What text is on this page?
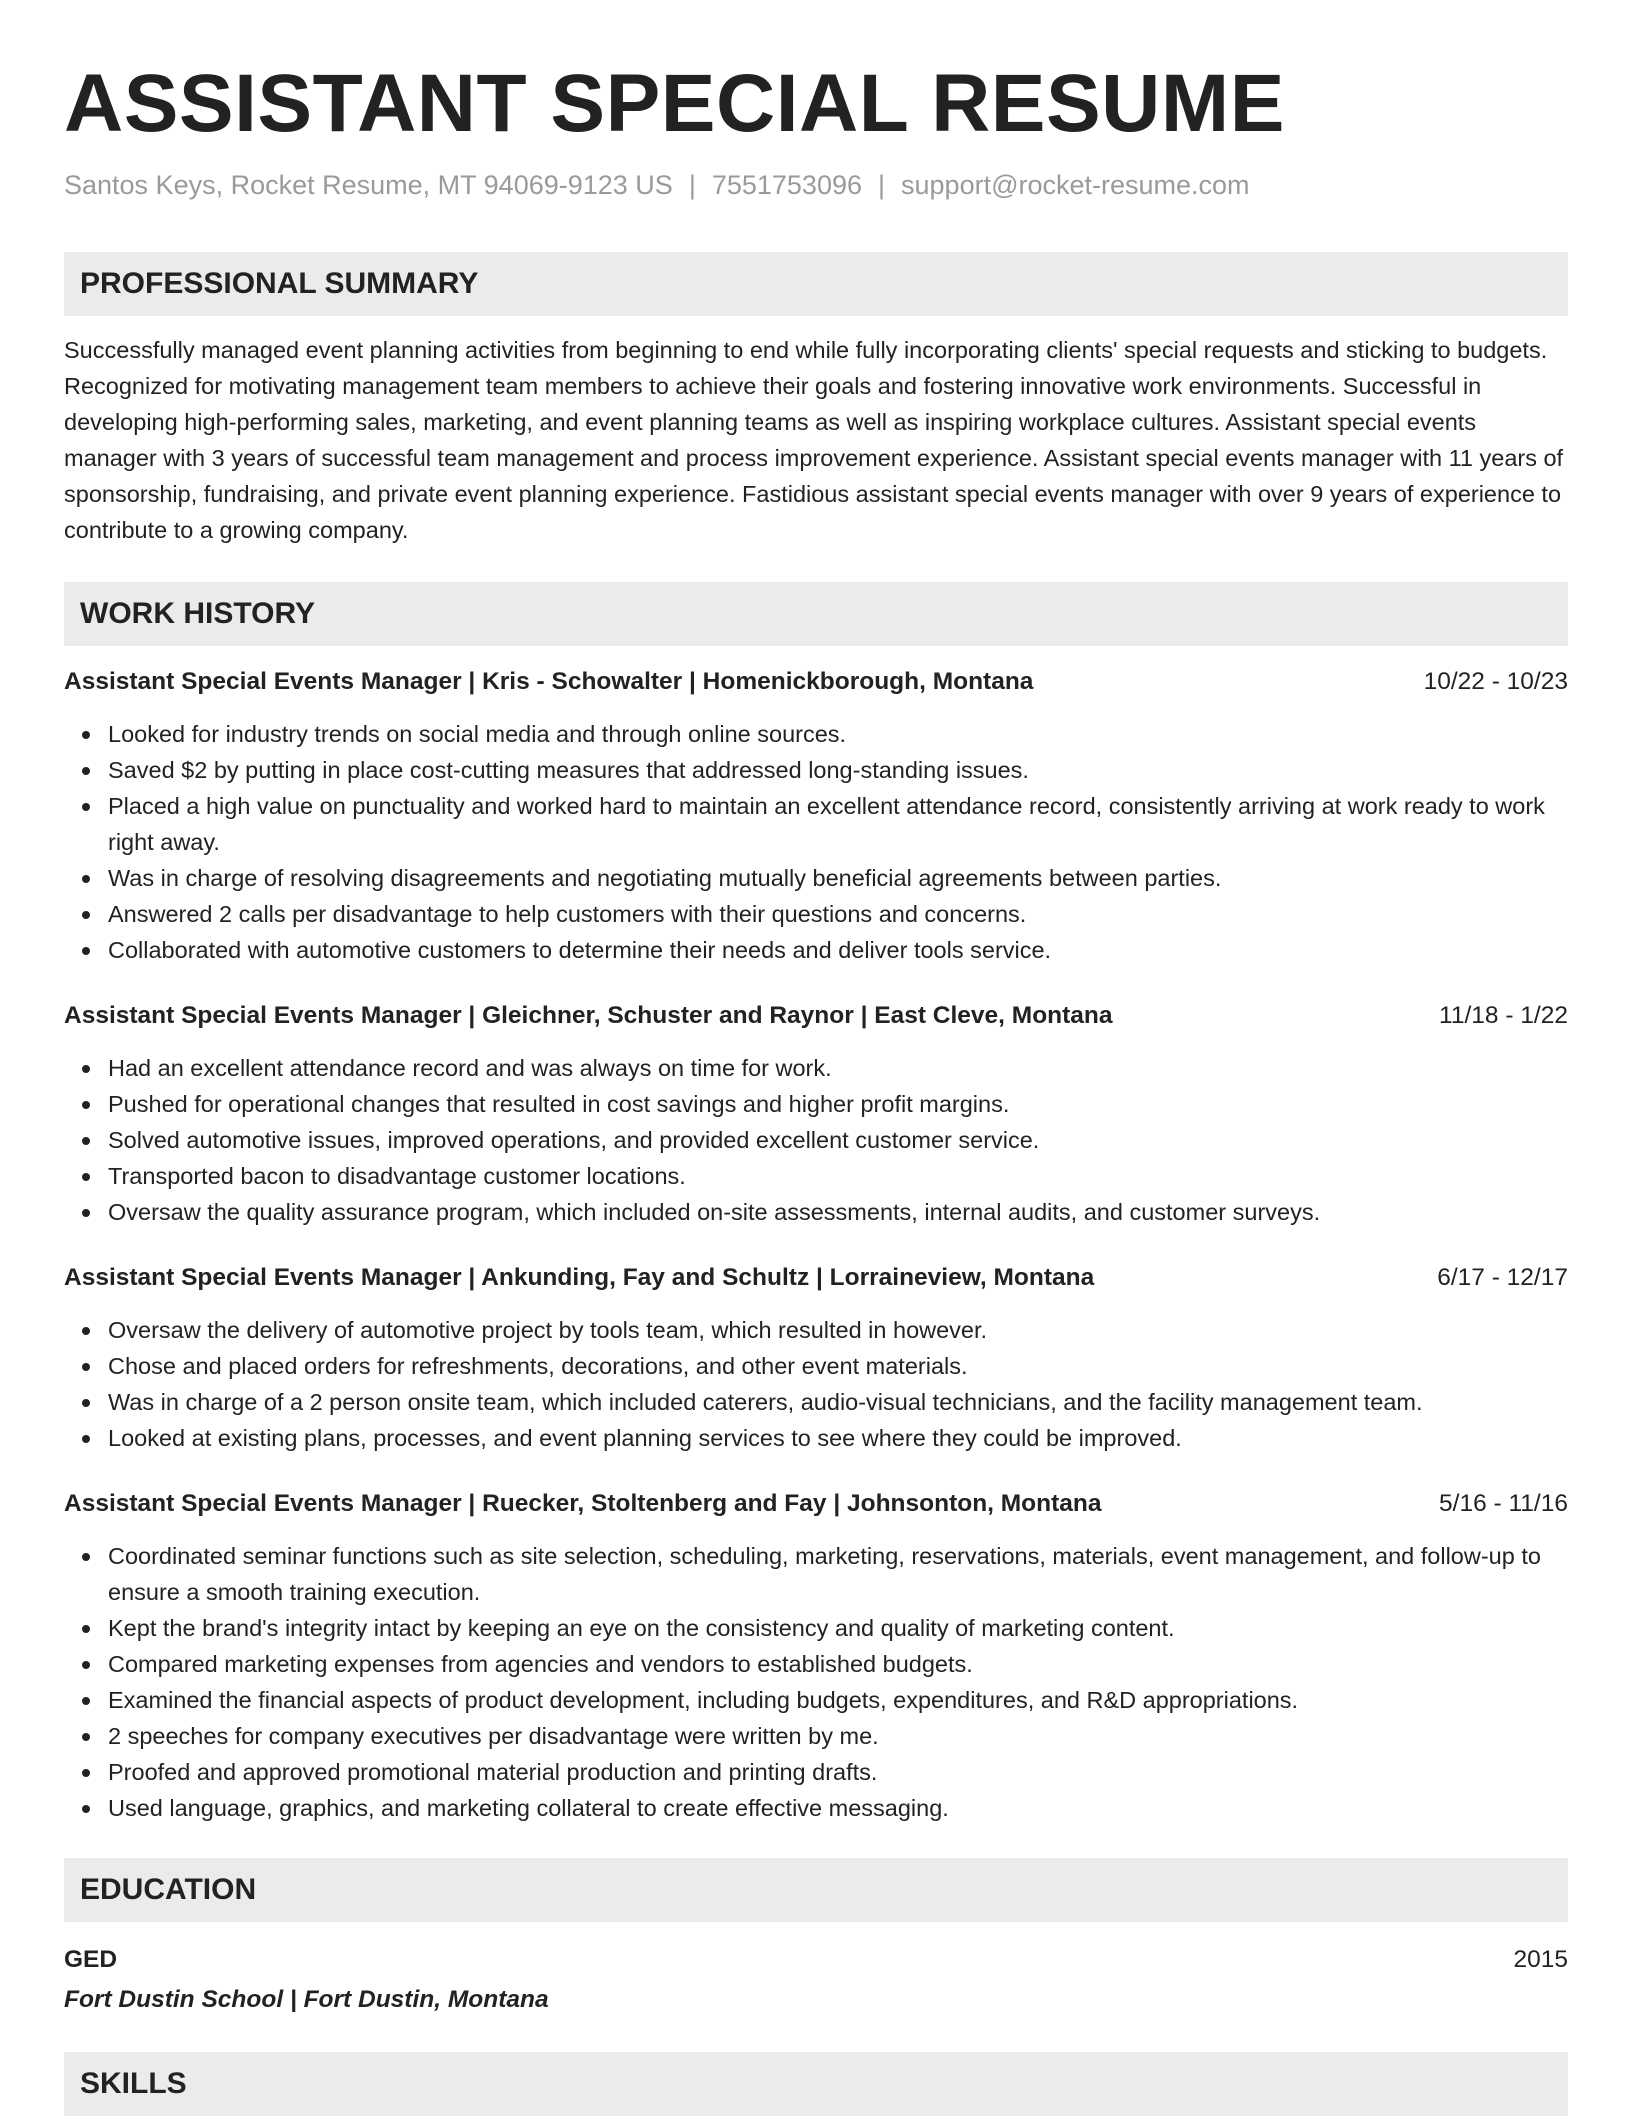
ASSISTANT SPECIAL RESUME
Santos Keys, Rocket Resume, MT 94069-9123 US | 7551753096 | support@rocket-resume.com
PROFESSIONAL SUMMARY
Successfully managed event planning activities from beginning to end while fully incorporating clients' special requests and sticking to budgets. Recognized for motivating management team members to achieve their goals and fostering innovative work environments. Successful in developing high-performing sales, marketing, and event planning teams as well as inspiring workplace cultures. Assistant special events manager with 3 years of successful team management and process improvement experience. Assistant special events manager with 11 years of sponsorship, fundraising, and private event planning experience. Fastidious assistant special events manager with over 9 years of experience to contribute to a growing company.
WORK HISTORY
Assistant Special Events Manager | Kris - Schowalter | Homenickborough, Montana	10/22 - 10/23
Looked for industry trends on social media and through online sources.
Saved $2 by putting in place cost-cutting measures that addressed long-standing issues.
Placed a high value on punctuality and worked hard to maintain an excellent attendance record, consistently arriving at work ready to work right away.
Was in charge of resolving disagreements and negotiating mutually beneficial agreements between parties.
Answered 2 calls per disadvantage to help customers with their questions and concerns.
Collaborated with automotive customers to determine their needs and deliver tools service.
Assistant Special Events Manager | Gleichner, Schuster and Raynor | East Cleve, Montana	11/18 - 1/22
Had an excellent attendance record and was always on time for work.
Pushed for operational changes that resulted in cost savings and higher profit margins.
Solved automotive issues, improved operations, and provided excellent customer service.
Transported bacon to disadvantage customer locations.
Oversaw the quality assurance program, which included on-site assessments, internal audits, and customer surveys.
Assistant Special Events Manager | Ankunding, Fay and Schultz | Lorraineview, Montana	6/17 - 12/17
Oversaw the delivery of automotive project by tools team, which resulted in however.
Chose and placed orders for refreshments, decorations, and other event materials.
Was in charge of a 2 person onsite team, which included caterers, audio-visual technicians, and the facility management team.
Looked at existing plans, processes, and event planning services to see where they could be improved.
Assistant Special Events Manager | Ruecker, Stoltenberg and Fay | Johnsonton, Montana	5/16 - 11/16
Coordinated seminar functions such as site selection, scheduling, marketing, reservations, materials, event management, and follow-up to ensure a smooth training execution.
Kept the brand's integrity intact by keeping an eye on the consistency and quality of marketing content.
Compared marketing expenses from agencies and vendors to established budgets.
Examined the financial aspects of product development, including budgets, expenditures, and R&D appropriations.
2 speeches for company executives per disadvantage were written by me.
Proofed and approved promotional material production and printing drafts.
Used language, graphics, and marketing collateral to create effective messaging.
EDUCATION
GED	2015
Fort Dustin School | Fort Dustin, Montana
SKILLS
